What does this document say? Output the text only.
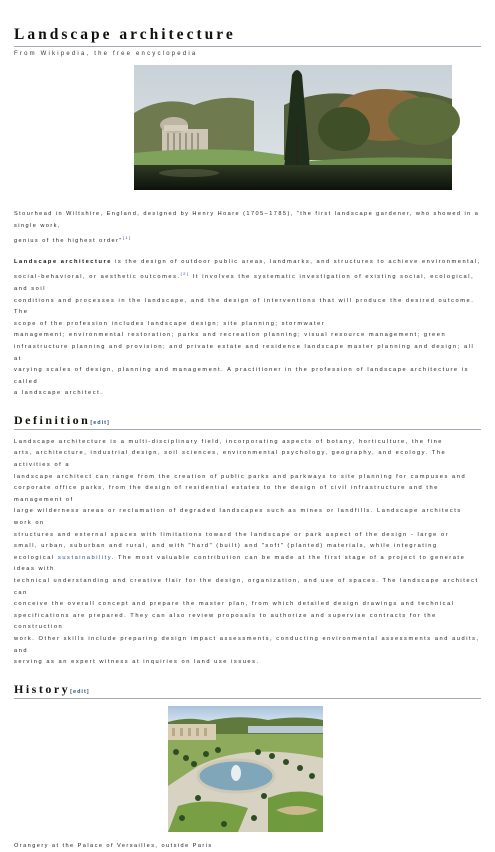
Landscape architecture
From Wikipedia, the free encyclopedia
Stourhead in Wiltshire, England, designed by Henry Hoare (1705–1785), "the first landscape gardener, who showed in a single work,
genius of the highest order"[1]
Landscape architecture is the design of outdoor public areas, landmarks, and structures to achieve environmental,
social-behavioral, or aesthetic outcomes.[2] It involves the systematic investigation of existing social, ecological, and soil
conditions and processes in the landscape, and the design of interventions that will produce the desired outcome. The
scope of the profession includes landscape design; site planning; stormwater
management; environmental restoration; parks and recreation planning; visual resource management; green
infrastructure planning and provision; and private estate and residence landscape master planning and design; all at
varying scales of design, planning and management. A practitioner in the profession of landscape architecture is called
a landscape architect.
Definition[edit]
Landscape architecture is a multi-disciplinary field, incorporating aspects of botany, horticulture, the fine
arts, architecture, industrial design, soil sciences, environmental psychology, geography, and ecology. The activities of a
landscape architect can range from the creation of public parks and parkways to site planning for campuses and
corporate office parks, from the design of residential estates to the design of civil infrastructure and the management of
large wilderness areas or reclamation of degraded landscapes such as mines or landfills. Landscape architects work on
structures and external spaces with limitations toward the landscape or park aspect of the design - large or
small, urban, suburban and rural, and with "hard" (built) and "soft" (planted) materials, while integrating
ecological sustainability. The most valuable contribution can be made at the first stage of a project to generate ideas with
technical understanding and creative flair for the design, organization, and use of spaces. The landscape architect can
conceive the overall concept and prepare the master plan, from which detailed design drawings and technical
specifications are prepared. They can also review proposals to authorize and supervise contracts for the construction
work. Other skills include preparing design impact assessments, conducting environmental assessments and audits, and
serving as an expert witness at inquiries on land use issues.
History[edit]
Orangery at the Palace of Versailles, outside Paris
